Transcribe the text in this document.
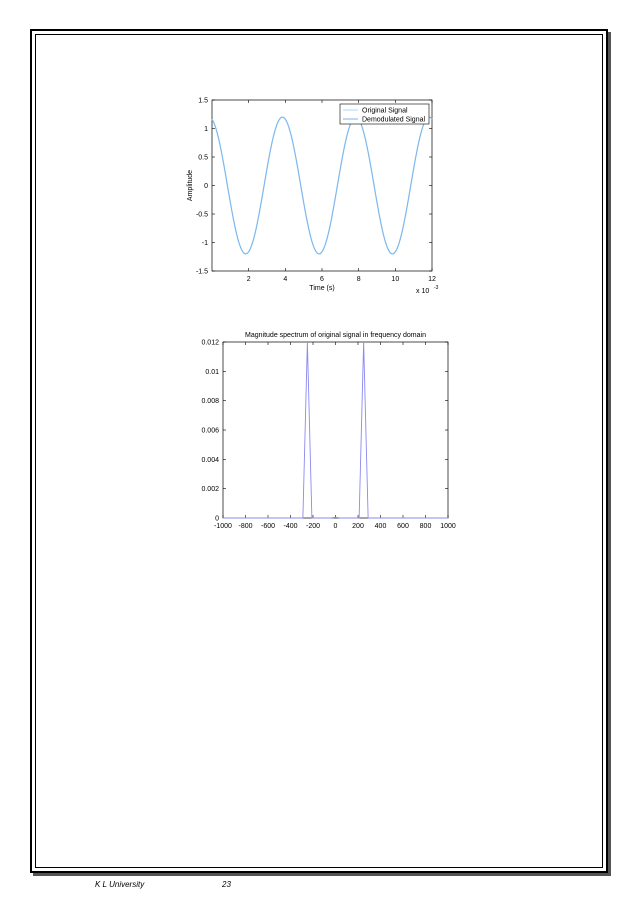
2	4	6	8	10	12
-1.5
-1
-0.5
0
0.5
1
1.5
Time (s)
Amplitude
x 10 -3
Original Signal
Demodulated Signal
-1000 -800 -600 -400 -200 0 200 400 600 800 1000
0
0.002
0.004
0.006
0.008
0.01
0.012
Magnitude spectrum of original signal in frequency domain
K L University	23
